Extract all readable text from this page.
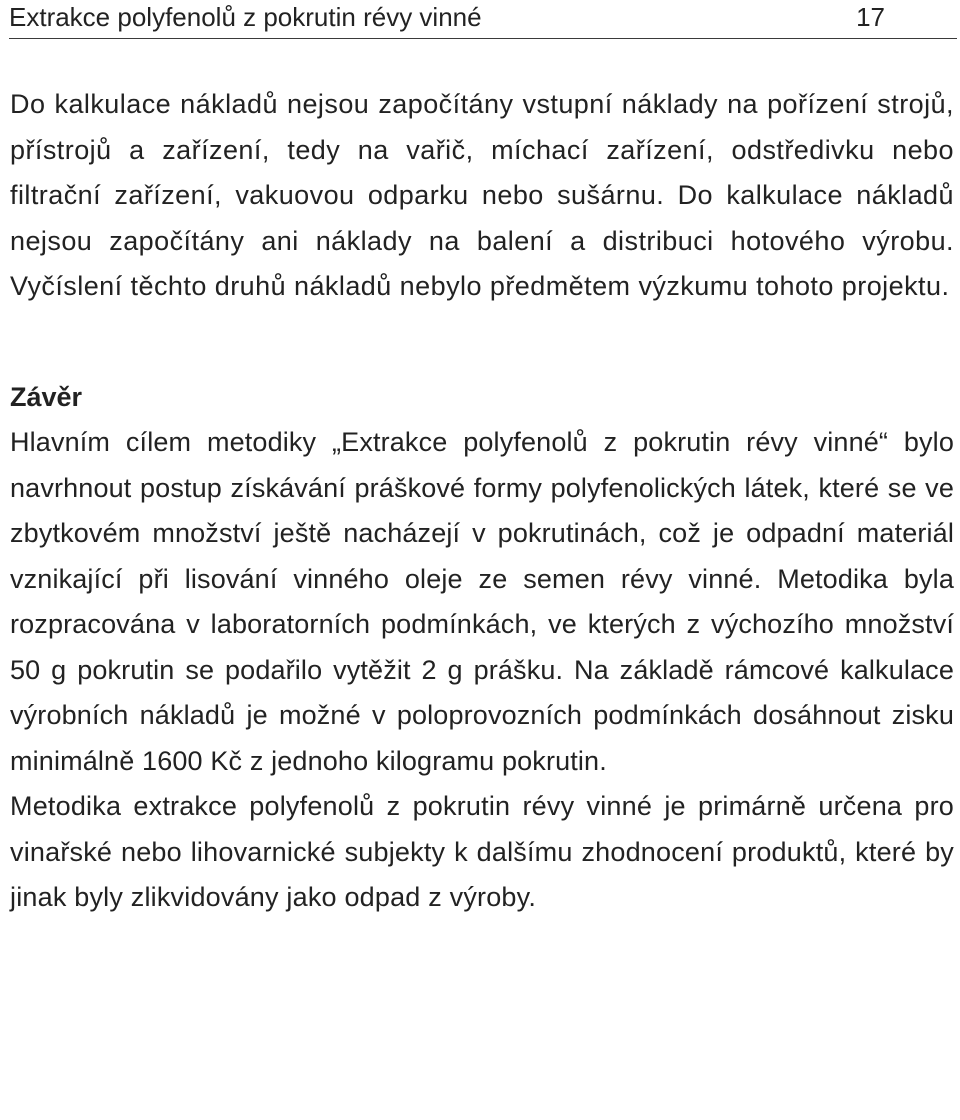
Extrakce polyfenolů z pokrutin révy vinné	17

Do kalkulace nákladů nejsou započítány vstupní náklady na pořízení strojů, přístrojů a zařízení, tedy na vařič, míchací zařízení, odstředivku nebo filtrační zařízení, vakuovou odparku nebo sušárnu. Do kalkulace nákladů nejsou započítány ani náklady na balení a distribuci hotového výrobu. Vyčíslení těchto druhů nákladů nebylo předmětem výzkumu tohoto projektu.

Závěr

Hlavním cílem metodiky „Extrakce polyfenolů z pokrutin révy vinné“ bylo navrhnout postup získávání práškové formy polyfenolických látek, které se ve zbytkovém množství ještě nacházejí v pokrutinách, což je odpadní materiál vznikající při lisování vinného oleje ze semen révy vinné. Metodika byla rozpracována v laboratorních podmínkách, ve kterých z výchozího množství 50 g pokrutin se podařilo vytěžit 2 g prášku. Na základě rámcové kalkulace výrobních nákladů je možné v poloprovozních podmínkách dosáhnout zisku minimálně 1600 Kč z jednoho kilogramu pokrutin.

Metodika extrakce polyfenolů z pokrutin révy vinné je primárně určena pro vinařské nebo lihovarnické subjekty k dalšímu zhodnocení produktů, které by jinak byly zlikvidovány jako odpad z výroby.
